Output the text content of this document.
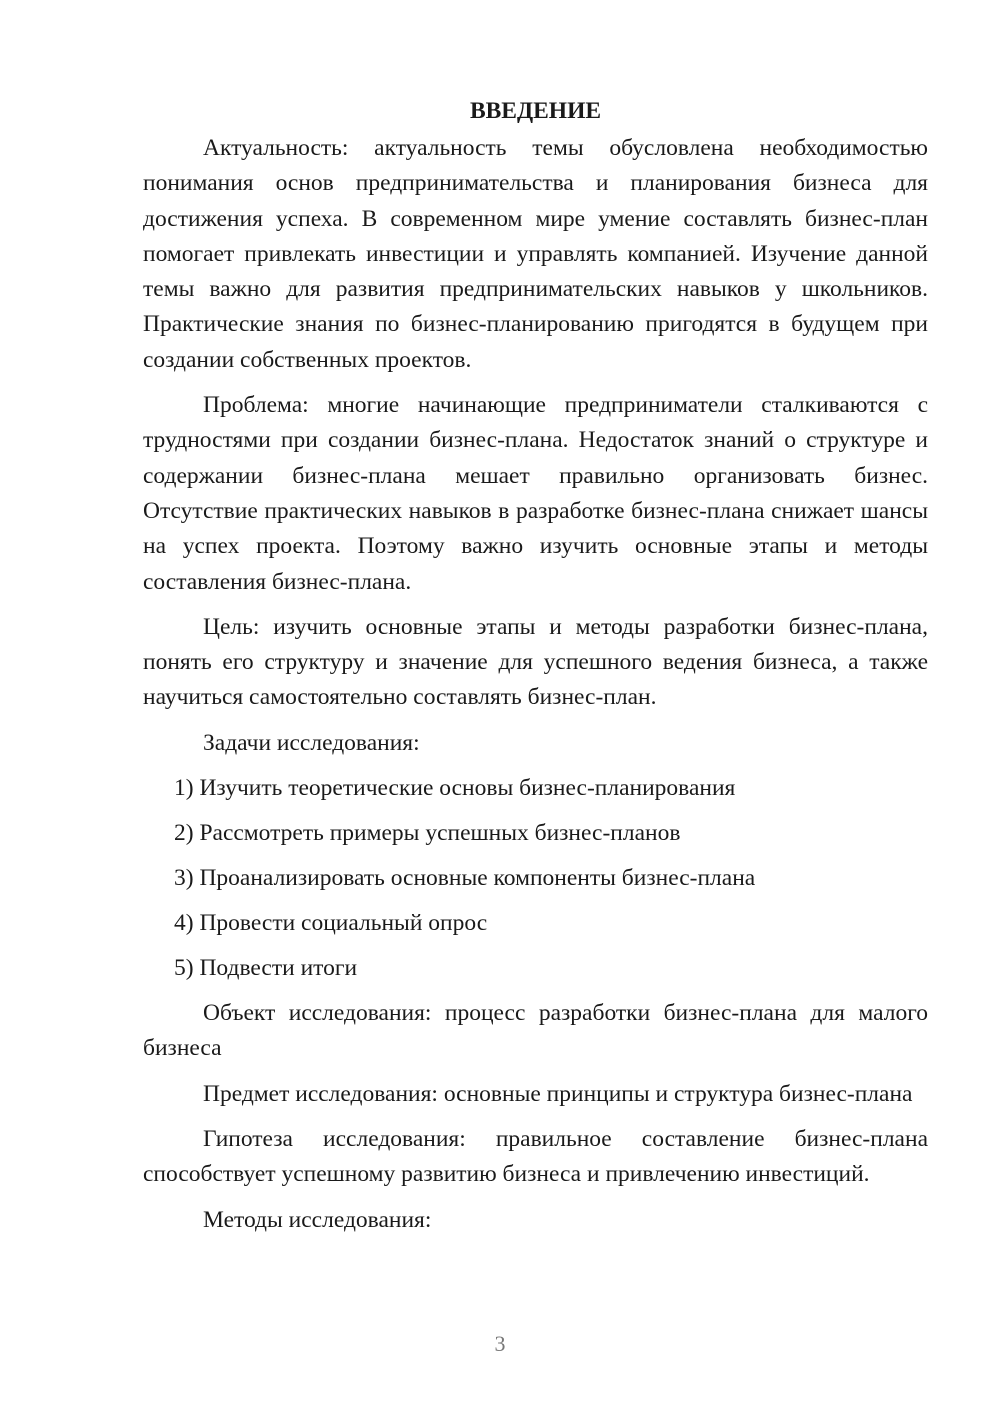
ВВЕДЕНИЕ

Актуальность: актуальность темы обусловлена необходимостью понимания основ предпринимательства и планирования бизнеса для достижения успеха. В современном мире умение составлять бизнес-план помогает привлекать инвестиции и управлять компанией. Изучение данной темы важно для развития предпринимательских навыков у школьников. Практические знания по бизнес-планированию пригодятся в будущем при создании собственных проектов.

Проблема: многие начинающие предприниматели сталкиваются с трудностями при создании бизнес-плана. Недостаток знаний о структуре и содержании бизнес-плана мешает правильно организовать бизнес. Отсутствие практических навыков в разработке бизнес-плана снижает шансы на успех проекта. Поэтому важно изучить основные этапы и методы составления бизнес-плана.

Цель: изучить основные этапы и методы разработки бизнес-плана, понять его структуру и значение для успешного ведения бизнеса, а также научиться самостоятельно составлять бизнес-план.

Задачи исследования:

1) Изучить теоретические основы бизнес-планирования
2) Рассмотреть примеры успешных бизнес-планов
3) Проанализировать основные компоненты бизнес-плана
4) Провести социальный опрос
5) Подвести итоги

Объект исследования: процесс разработки бизнес-плана для малого бизнеса

Предмет исследования: основные принципы и структура бизнес-плана

Гипотеза исследования: правильное составление бизнес-плана способствует успешному развитию бизнеса и привлечению инвестиций.

Методы исследования:

3
